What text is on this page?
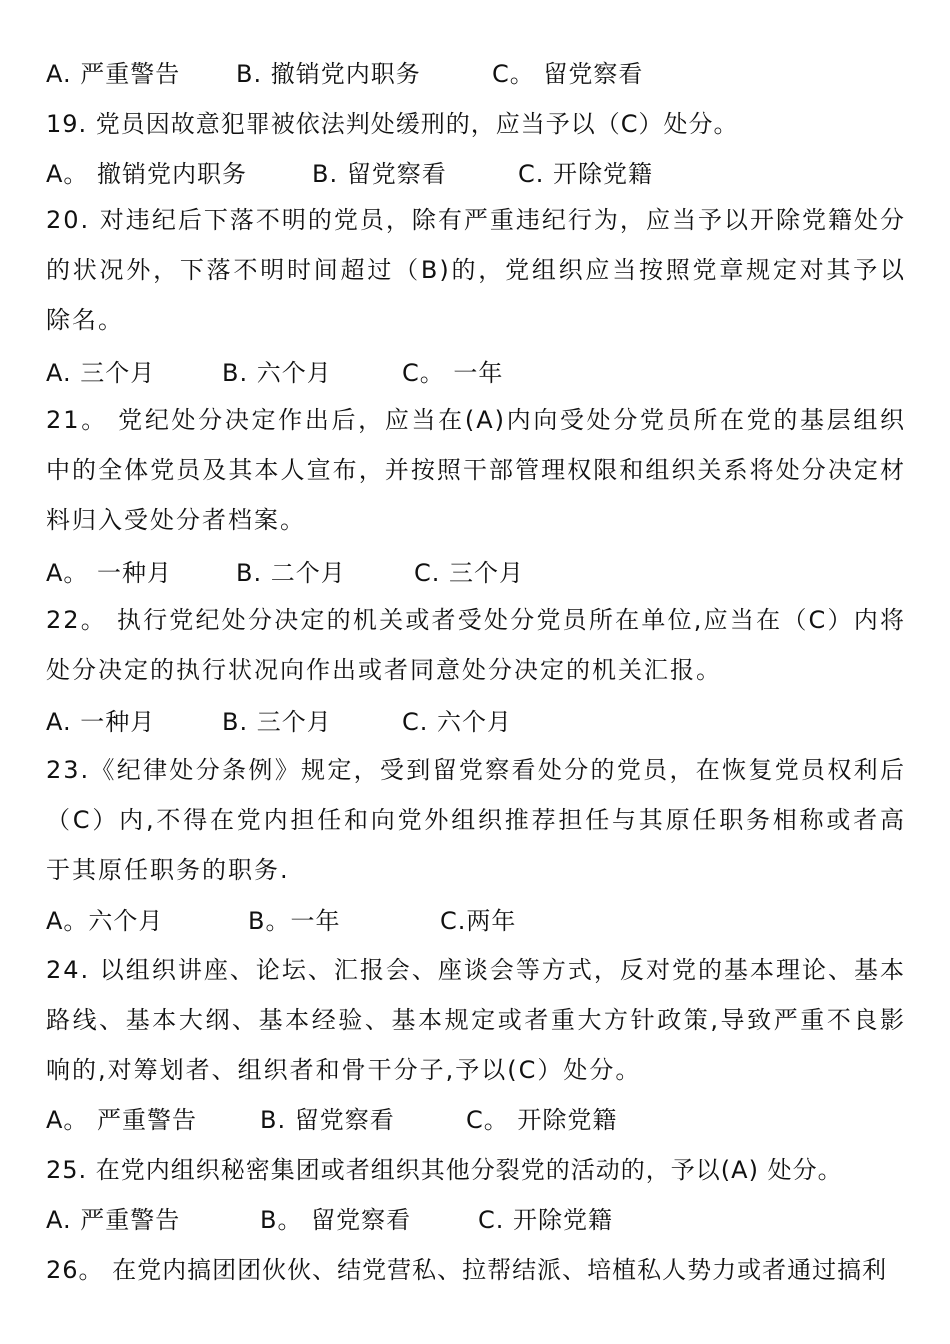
A. 严重警告

B. 撤销党内职务

	C。 留党察看

19. 党员因故意犯罪被依法判处缓刑的，应当予以（C）处分。

A。 撤销党内职务

	B. 留党察看

	C. 开除党籍

20. 对违纪后下落不明的党员，除有严重违纪行为，应当予以开除党籍处分的状况外，下落不明时间超过（B)的，党组织应当按照党章规定对其予以除名。

A. 三个月

	B. 六个月

	C。 一年

21。 党纪处分决定作出后，应当在(A)内向受处分党员所在党的基层组织中的全体党员及其本人宣布，并按照干部管理权限和组织关系将处分决定材料归入受处分者档案。

A。 一种月

	B. 二个月

	C. 三个月

22。 执行党纪处分决定的机关或者受处分党员所在单位,应当在（C）内将处分决定的执行状况向作出或者同意处分决定的机关汇报。

A. 一种月

	B. 三个月

	C. 六个月

23.《纪律处分条例》规定，受到留党察看处分的党员，在恢复党员权利后（C）内,不得在党内担任和向党外组织推荐担任与其原任职务相称或者高于其原任职务的职务.

A。六个月

	B。一年

	C.两年

24. 以组织讲座、论坛、汇报会、座谈会等方式，反对党的基本理论、基本路线、基本大纲、基本经验、基本规定或者重大方针政策,导致严重不良影响的,对筹划者、组织者和骨干分子,予以(C）处分。

A。 严重警告

	B. 留党察看

	C。 开除党籍

25. 在党内组织秘密集团或者组织其他分裂党的活动的，予以(A) 处分。

A. 严重警告

	B。 留党察看

	C. 开除党籍

26。 在党内搞团团伙伙、结党营私、拉帮结派、培植私人势力或者通过搞利
